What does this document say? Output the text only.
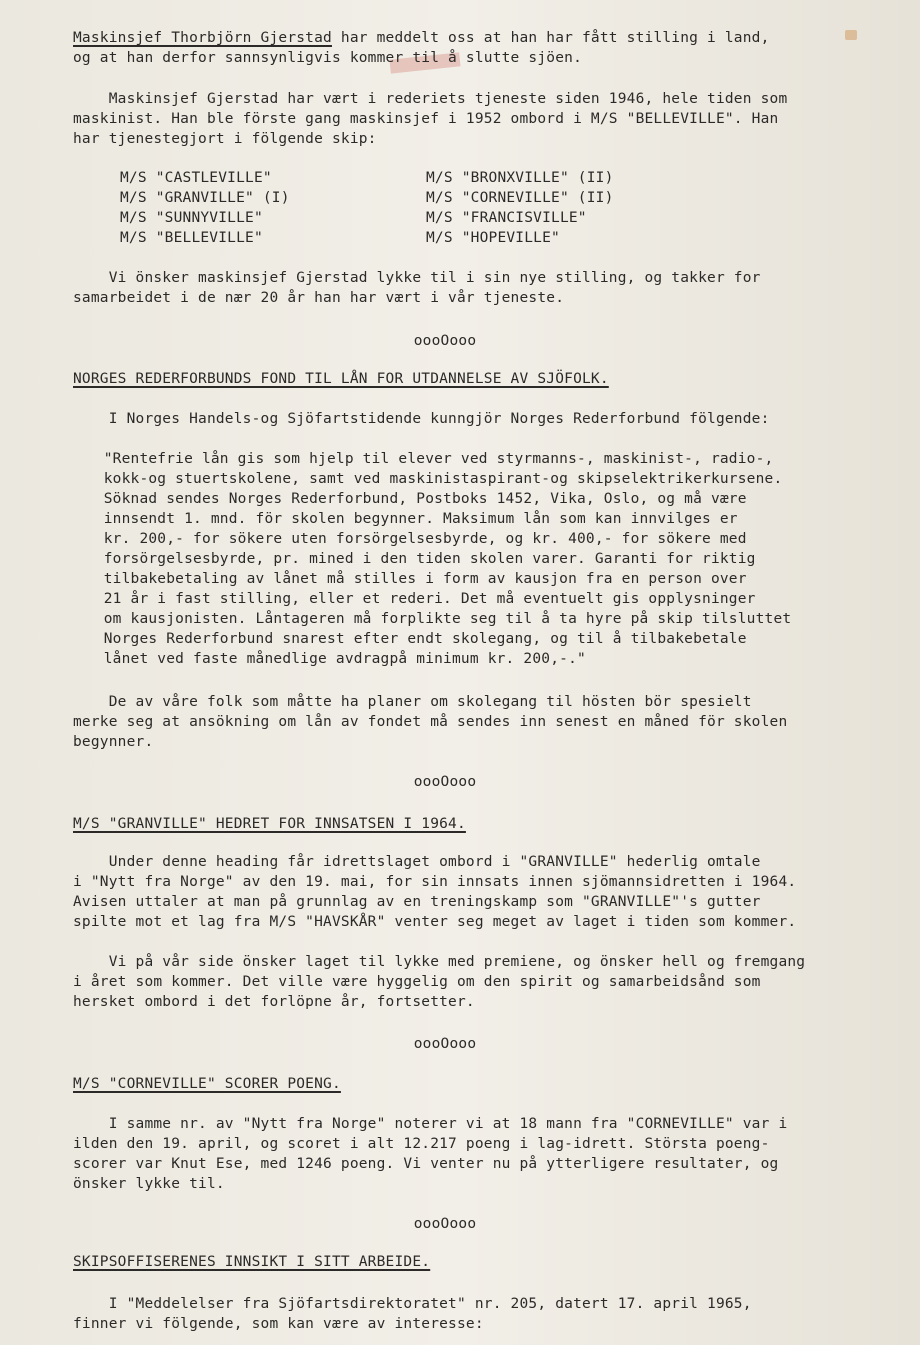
Maskinsjef Thorbjörn Gjerstad har meddelt oss at han har fått stilling i land,
og at han derfor sannsynligvis kommer til å slutte sjöen.
Maskinsjef Gjerstad har vært i rederiets tjeneste siden 1946, hele tiden som
maskinist. Han ble förste gang maskinsjef i 1952 ombord i M/S "BELLEVILLE". Han
har tjenestegjort i fölgende skip:
M/S "CASTLEVILLE"	M/S "BRONXVILLE" (II)
M/S "GRANVILLE" (I)	M/S "CORNEVILLE" (II)
M/S "SUNNYVILLE"	M/S "FRANCISVILLE"
M/S "BELLEVILLE"	M/S "HOPEVILLE"
Vi önsker maskinsjef Gjerstad lykke til i sin nye stilling, og takker for
samarbeidet i de nær 20 år han har vært i vår tjeneste.
oooOooo
NORGES REDERFORBUNDS FOND TIL LÅN FOR UTDANNELSE AV SJÖFOLK.
I Norges Handels-og Sjöfartstidende kunngjör Norges Rederforbund fölgende:
"Rentefrie lån gis som hjelp til elever ved styrmanns-, maskinist-, radio-,
kokk-og stuertskolene, samt ved maskinistaspirant-og skipselektrikerkursene.
Söknad sendes Norges Rederforbund, Postboks 1452, Vika, Oslo, og må være
innsendt 1. mnd. för skolen begynner. Maksimum lån som kan innvilges er
kr. 200,- for sökere uten forsörgelsesbyrde, og kr. 400,- for sökere med
forsörgelsesbyrde, pr. mined i den tiden skolen varer. Garanti for riktig
tilbakebetaling av lånet må stilles i form av kausjon fra en person over
21 år i fast stilling, eller et rederi. Det må eventuelt gis opplysninger
om kausjonisten. Låntageren må forplikte seg til å ta hyre på skip tilsluttet
Norges Rederforbund snarest efter endt skolegang, og til å tilbakebetale
lånet ved faste månedlige avdragpå minimum kr. 200,-."
De av våre folk som måtte ha planer om skolegang til hösten bör spesielt
merke seg at ansökning om lån av fondet må sendes inn senest en måned för skolen
begynner.
oooOooo
M/S "GRANVILLE" HEDRET FOR INNSATSEN I 1964.
Under denne heading får idrettslaget ombord i "GRANVILLE" hederlig omtale
i "Nytt fra Norge" av den 19. mai, for sin innsats innen sjömannsidretten i 1964.
Avisen uttaler at man på grunnlag av en treningskamp som "GRANVILLE"'s gutter
spilte mot et lag fra M/S "HAVSKÅR" venter seg meget av laget i tiden som kommer.
Vi på vår side önsker laget til lykke med premiene, og önsker hell og fremgang
i året som kommer. Det ville være hyggelig om den spirit og samarbeidsånd som
hersket ombord i det forlöpne år, fortsetter.
oooOooo
M/S "CORNEVILLE" SCORER POENG.
I samme nr. av "Nytt fra Norge" noterer vi at 18 mann fra "CORNEVILLE" var i
ilden den 19. april, og scoret i alt 12.217 poeng i lag-idrett. Största poeng-
scorer var Knut Ese, med 1246 poeng. Vi venter nu på ytterligere resultater, og
önsker lykke til.
oooOooo
SKIPSOFFISERENES INNSIKT I SITT ARBEIDE.
I "Meddelelser fra Sjöfartsdirektoratet" nr. 205, datert 17. april 1965,
finner vi fölgende, som kan være av interesse:
